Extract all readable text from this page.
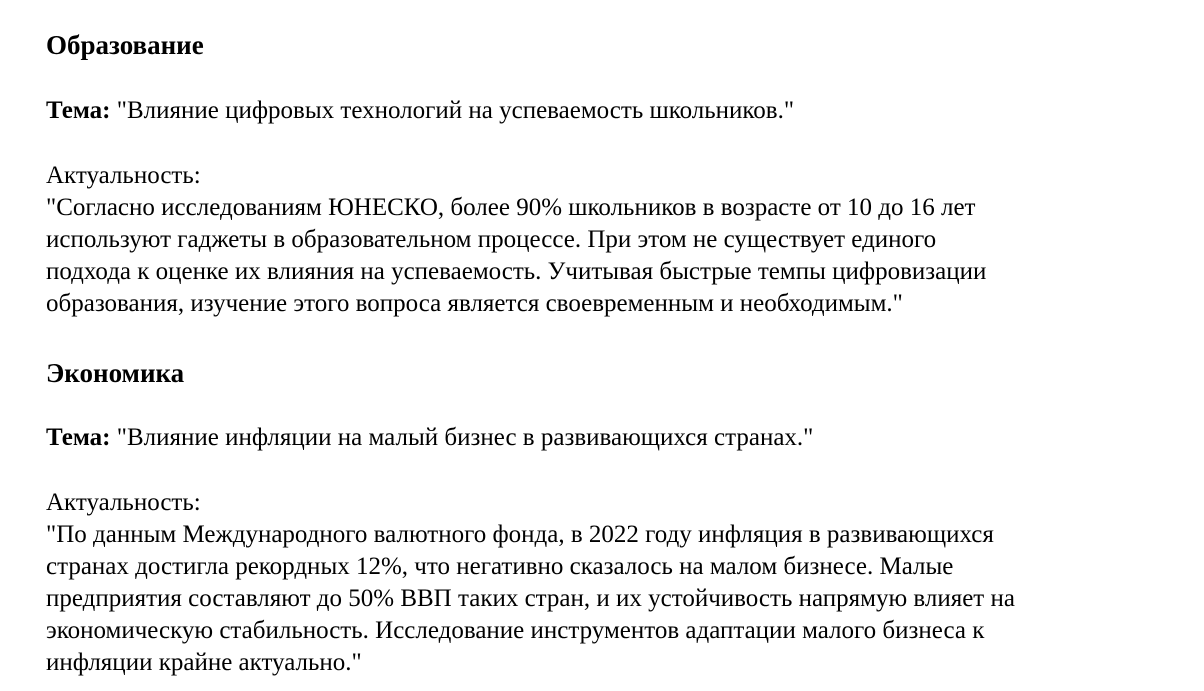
Образование

Тема: "Влияние цифровых технологий на успеваемость школьников."

Актуальность:

"Согласно исследованиям ЮНЕСКО, более 90% школьников в возрасте от 10 до 16 лет
используют гаджеты в образовательном процессе. При этом не существует единого
подхода к оценке их влияния на успеваемость. Учитывая быстрые темпы цифровизации
образования, изучение этого вопроса является своевременным и необходимым."

Экономика

Тема: "Влияние инфляции на малый бизнес в развивающихся странах."

Актуальность:

"По данным Международного валютного фонда, в 2022 году инфляция в развивающихся
странах достигла рекордных 12%, что негативно сказалось на малом бизнесе. Малые
предприятия составляют до 50% ВВП таких стран, и их устойчивость напрямую влияет на
экономическую стабильность. Исследование инструментов адаптации малого бизнеса к
инфляции крайне актуально."
